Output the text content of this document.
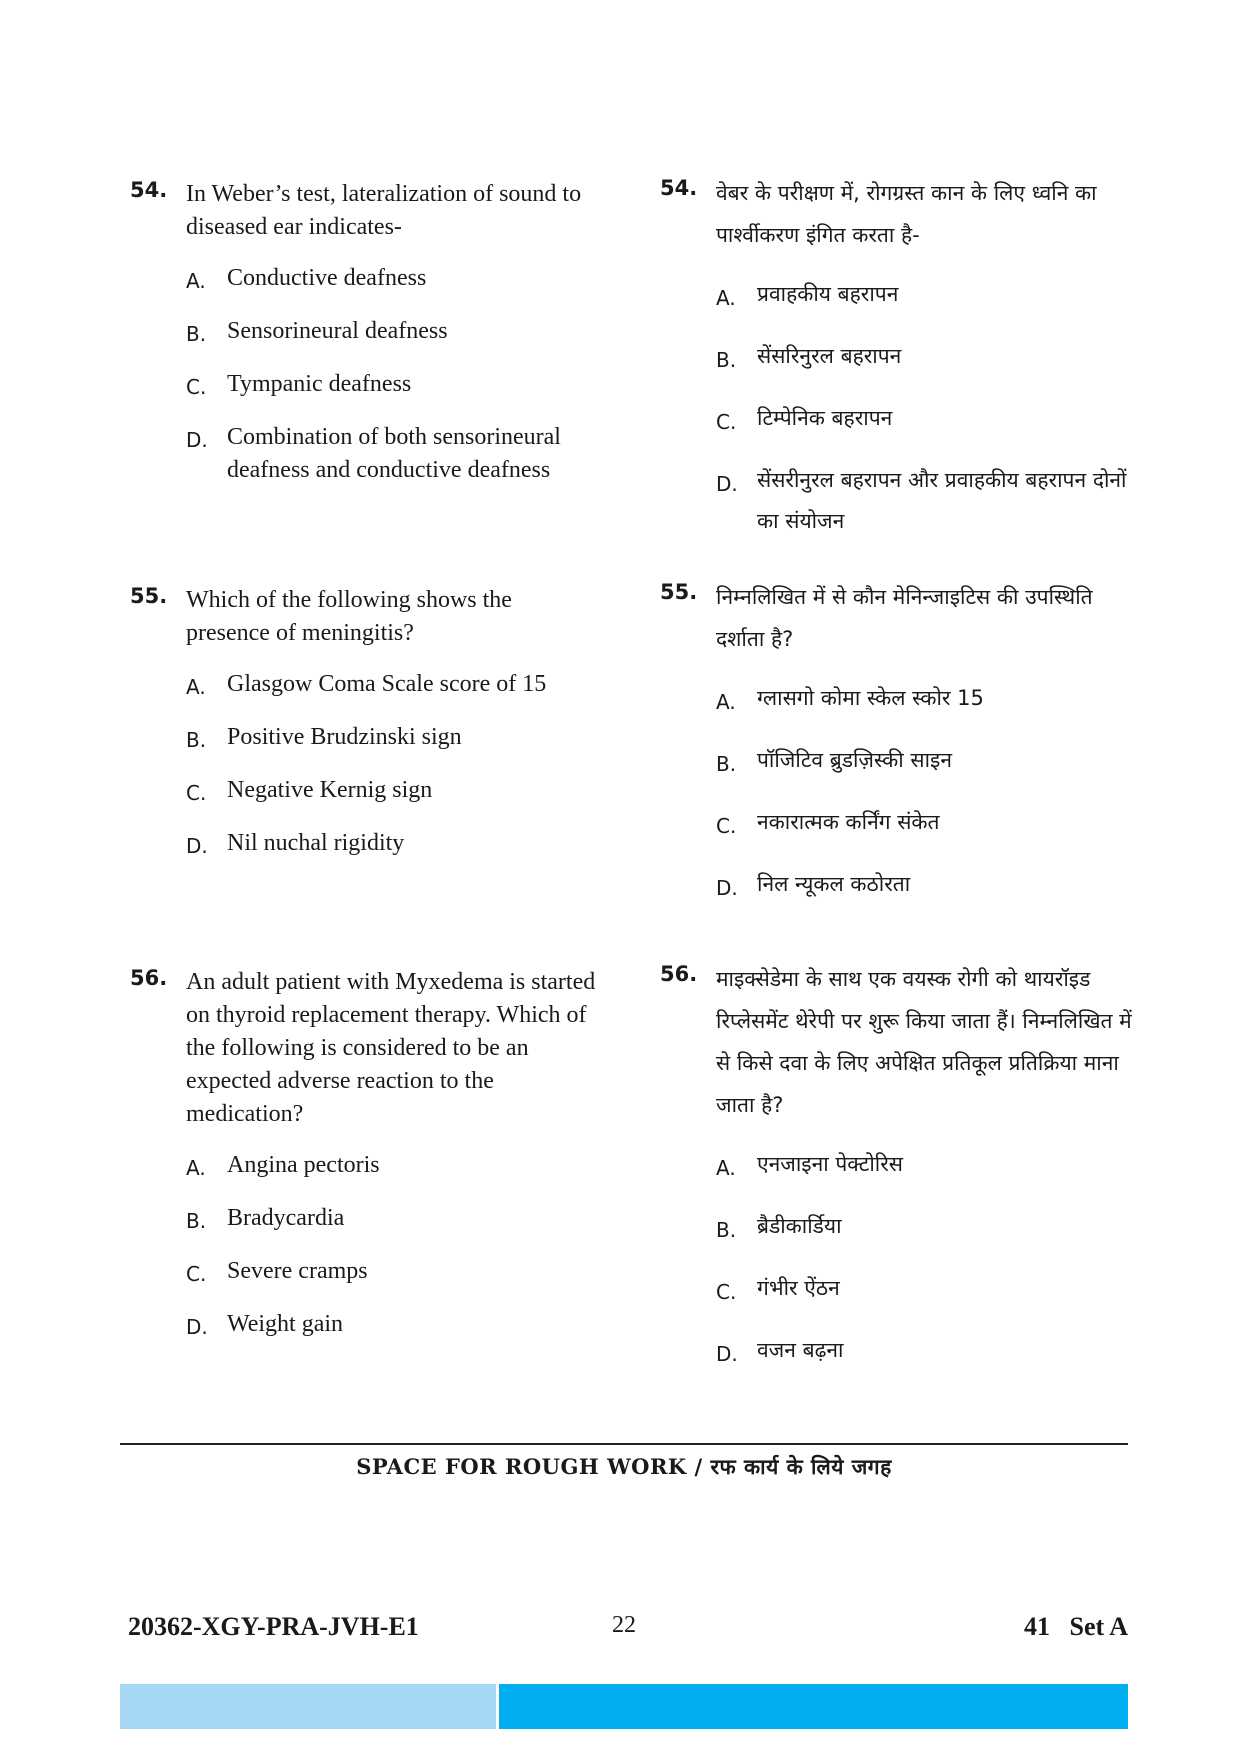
54. In Weber’s test, lateralization of sound to diseased ear indicates-
A. Conductive deafness
B. Sensorineural deafness
C. Tympanic deafness
D. Combination of both sensorineural deafness and conductive deafness
55. Which of the following shows the presence of meningitis?
A. Glasgow Coma Scale score of 15
B. Positive Brudzinski sign
C. Negative Kernig sign
D. Nil nuchal rigidity
56. An adult patient with Myxedema is started on thyroid replacement therapy. Which of the following is considered to be an expected adverse reaction to the medication?
A. Angina pectoris
B. Bradycardia
C. Severe cramps
D. Weight gain
54. वेबर के परीक्षण में, रोगग्रस्त कान के लिए ध्वनि का पार्श्वीकरण इंगित करता है-
A. प्रवाहकीय बहरापन
B. सेंसरिनुरल बहरापन
C. टिम्पेनिक बहरापन
D. सेंसरीनुरल बहरापन और प्रवाहकीय बहरापन दोनों का संयोजन
55. निम्नलिखित में से कौन मेनिन्जाइटिस की उपस्थिति दर्शाता है?
A. ग्लासगो कोमा स्केल स्कोर 15
B. पॉजिटिव ब्रुडज़िस्की साइन
C. नकारात्मक कर्निंग संकेत
D. निल न्यूकल कठोरता
56. माइक्सेडेमा के साथ एक वयस्क रोगी को थायरॉइड रिप्लेसमेंट थेरेपी पर शुरू किया जाता हैं। निम्नलिखित में से किसे दवा के लिए अपेक्षित प्रतिकूल प्रतिक्रिया माना जाता है?
A. एनजाइना पेक्टोरिस
B. ब्रैडीकार्डिया
C. गंभीर ऐंठन
D. वजन बढ़ना
SPACE FOR ROUGH WORK / रफ कार्य के लिये जगह
22
20362-XGY-PRA-JVH-E1	41   Set A
